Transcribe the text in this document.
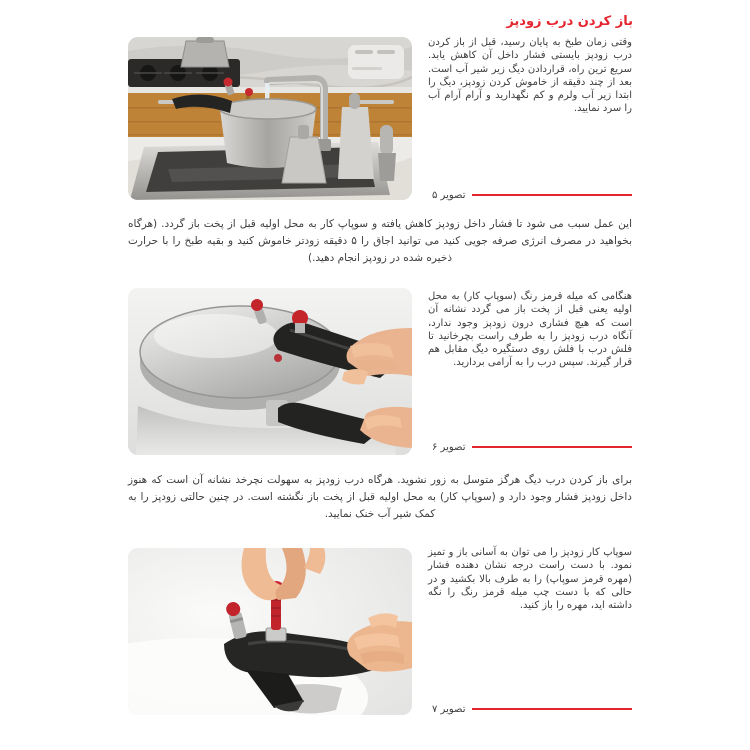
باز کردن درب زودپز

وقتی زمان طبخ به پایان رسید، قبل از باز کردن درب زودپز بایستی فشار داخل آن کاهش یابد. سریع ترین راه، قراردادن دیگ زیر شیر آب است. بعد از چند دقیقه از خاموش کردن زودپز، دیگ را ابتدا زیر آب ولرم و کم نگهدارید و آرام آرام آب را سرد نمایید.

تصویر ۵

این عمل سبب می شود تا فشار داخل زودپز کاهش یافته و سوپاپ کار به محل اولیه قبل از پخت باز گردد. (هرگاه بخواهید در مصرف انرژی صرفه جویی کنید می توانید اجاق را ۵ دقیقه زودتر خاموش کنید و بقیه طبخ را با حرارت ذخیره شده در زودپز انجام دهید.)

هنگامی که میله قرمز رنگ (سوپاپ کار) به محل اولیه یعنی قبل از پخت باز می گردد نشانه آن است که هیچ فشاری درون زودپز وجود ندارد، آنگاه درب زودپز را به طرف راست بچرخانید تا فلش درب با فلش روی دستگیره دیگ مقابل هم قرار گیرند. سپس درب را به آرامی بردارید.

تصویر ۶

برای باز کردن درب دیگ هرگز متوسل به زور نشوید. هرگاه درب زودپز به سهولت نچرخد نشانه آن است که هنوز داخل زودپز فشار وجود دارد و (سوپاپ کار) به محل اولیه قبل از پخت باز نگشته است. در چنین حالتی زودپز را به کمک شیر آب خنک نمایید.

سوپاپ کار زودپز را می توان به آسانی باز و تمیز نمود. با دست راست درجه نشان دهنده فشار (مهره قرمز سوپاپ) را به طرف بالا بکشید و در حالی که با دست چپ میله قرمز رنگ را نگه داشته اید، مهره را باز کنید.

تصویر ۷
